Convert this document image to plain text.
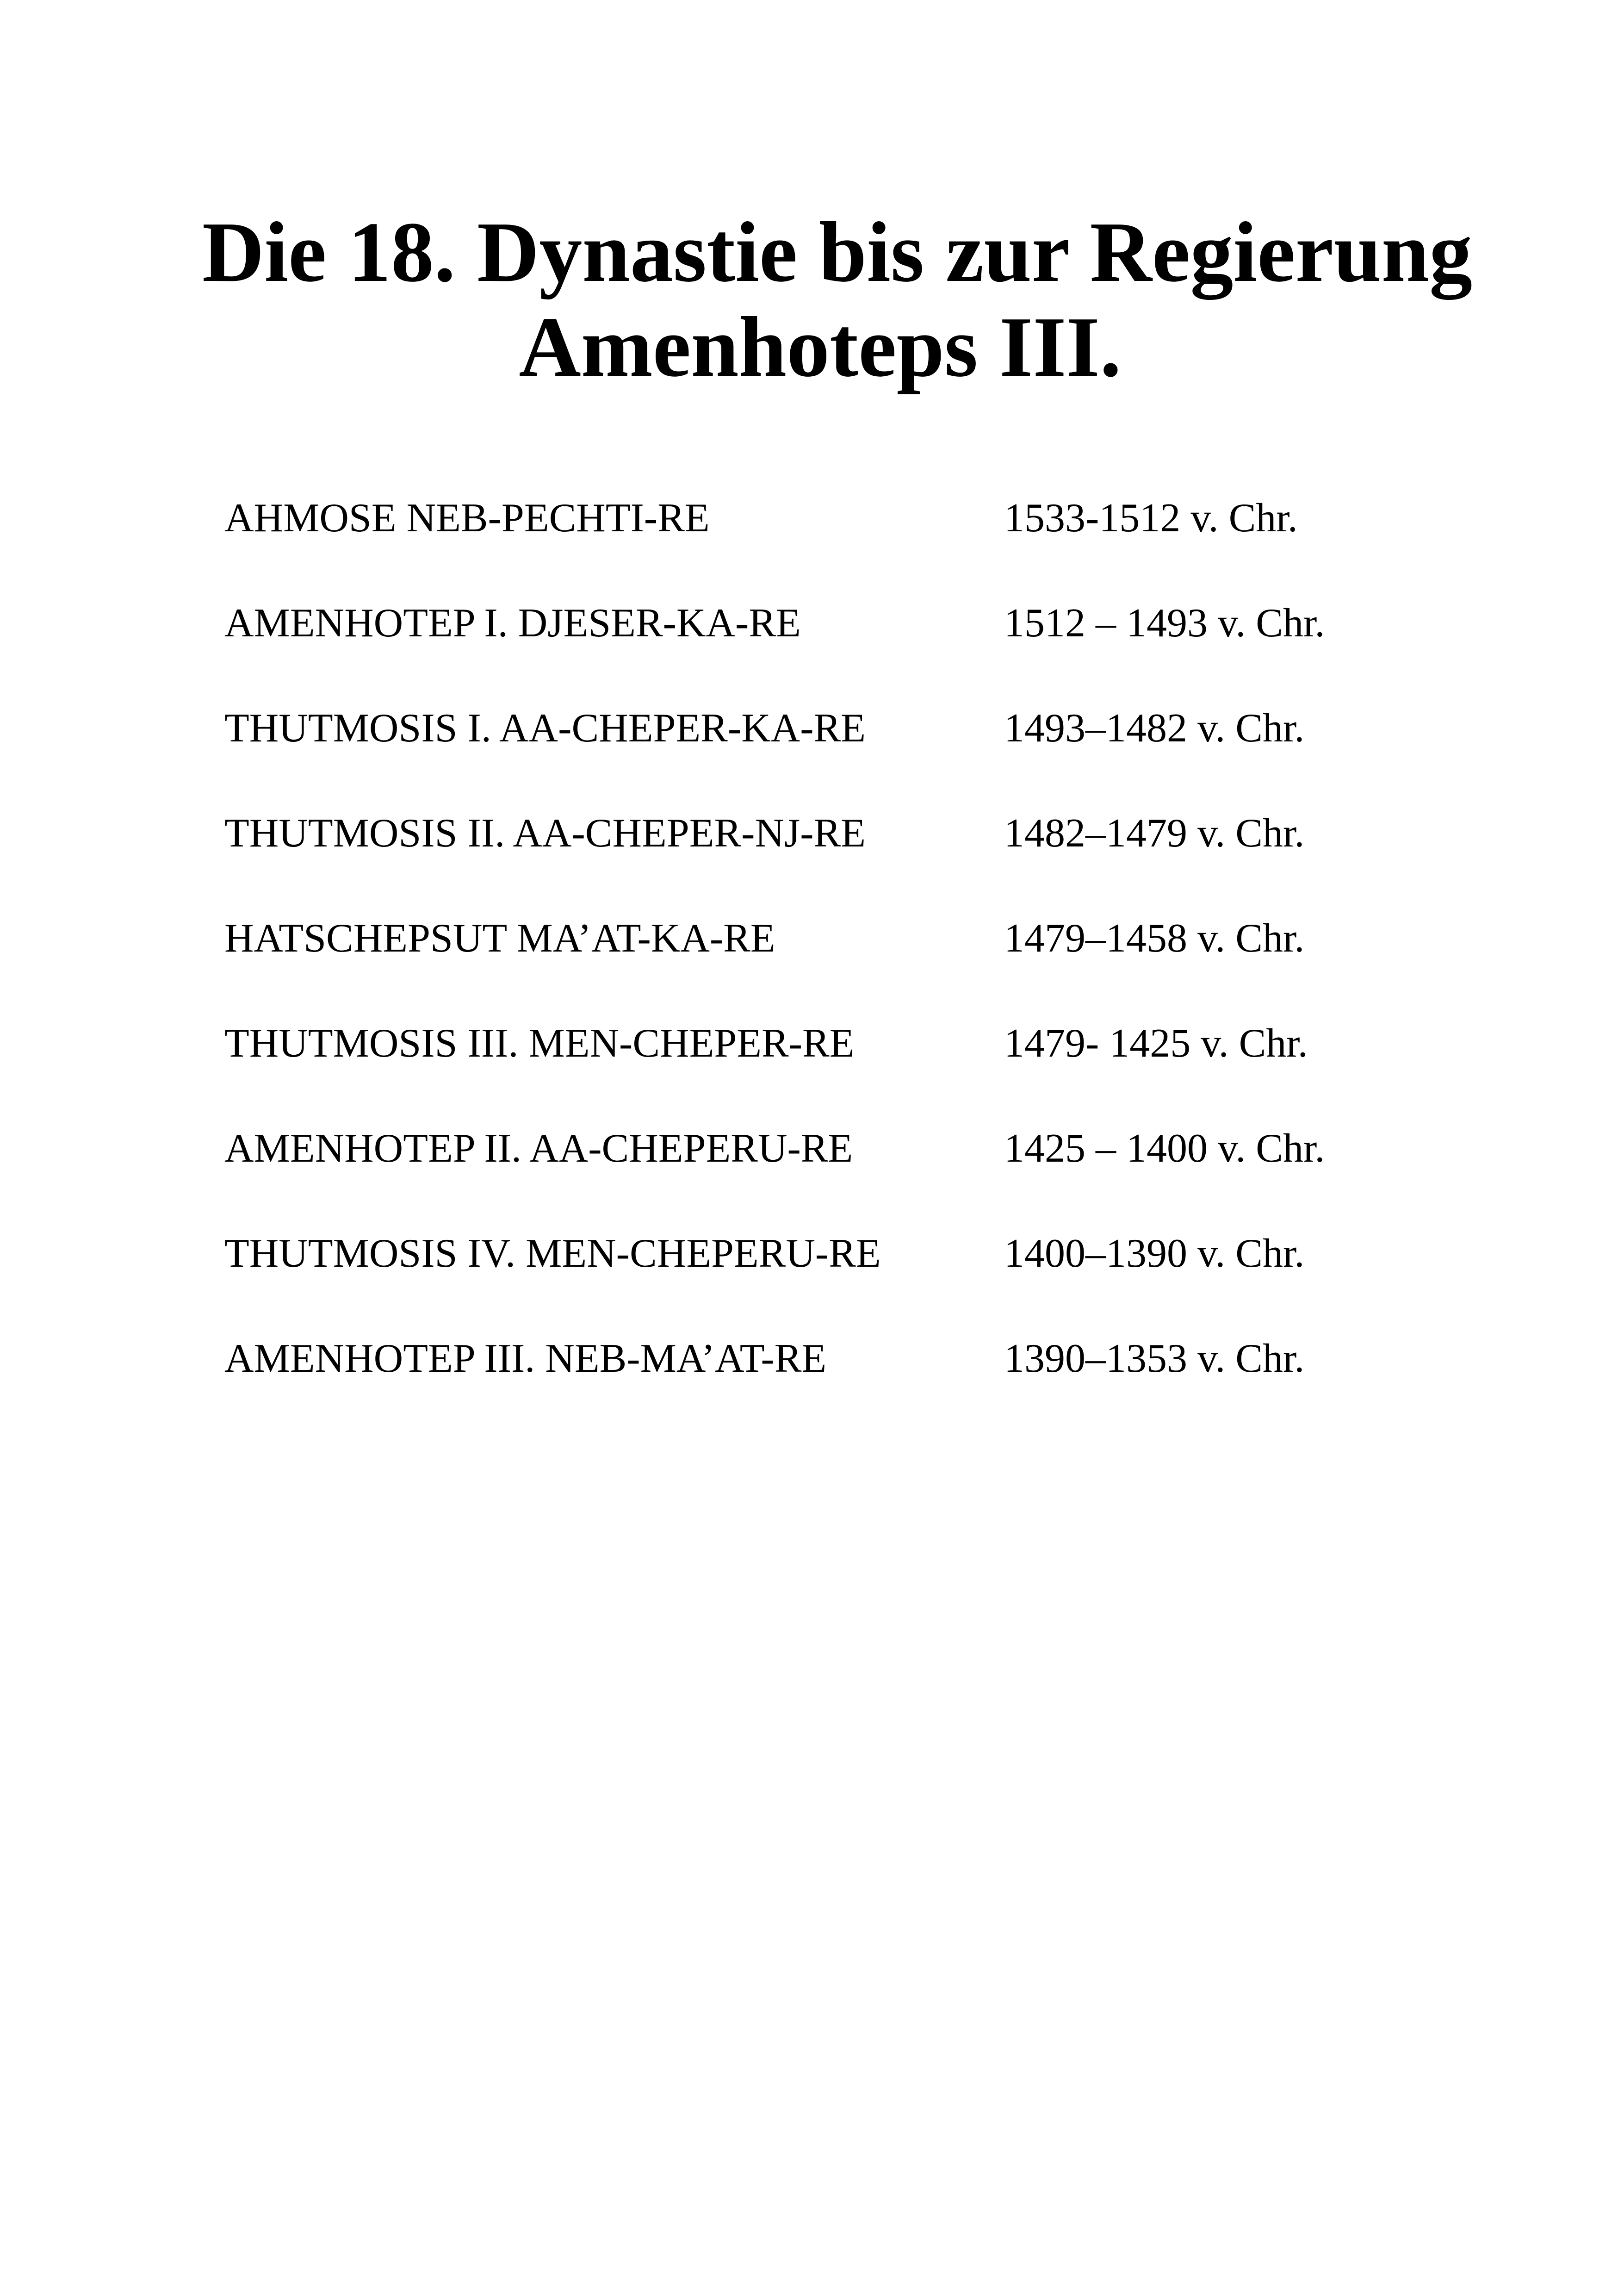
Die 18. Dynastie bis zur Regierung
Amenhoteps III.
AHMOSE NEB-PECHTI-RE	1533-1512 v. Chr.
AMENHOTEP I. DJESER-KA-RE	1512 – 1493 v. Chr.
THUTMOSIS I. AA-CHEPER-KA-RE	1493–1482 v. Chr.
THUTMOSIS II. AA-CHEPER-NJ-RE	1482–1479 v. Chr.
HATSCHEPSUT MA’AT-KA-RE	1479–1458 v. Chr.
THUTMOSIS III. MEN-CHEPER-RE	1479- 1425 v. Chr.
AMENHOTEP II. AA-CHEPERU-RE	1425 – 1400 v. Chr.
THUTMOSIS IV. MEN-CHEPERU-RE	1400–1390 v. Chr.
AMENHOTEP III. NEB-MA’AT-RE	1390–1353 v. Chr.
